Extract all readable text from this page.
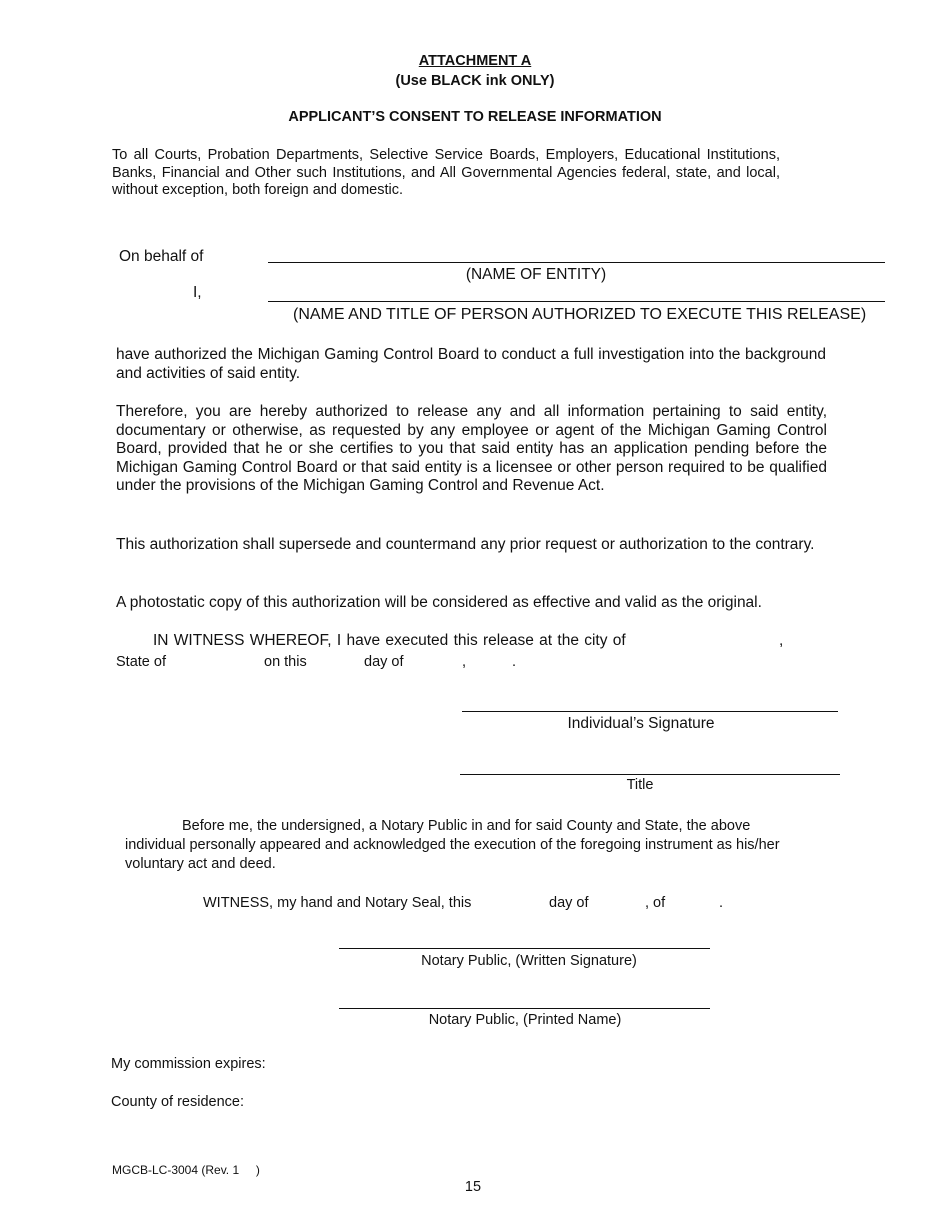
ATTACHMENT A
(Use BLACK ink ONLY)
APPLICANT’S CONSENT TO RELEASE INFORMATION
To all Courts, Probation Departments, Selective Service Boards, Employers, Educational Institutions, Banks, Financial and Other such Institutions, and All Governmental Agencies federal, state, and local, without exception, both foreign and domestic.
On behalf of
(NAME OF ENTITY)
I,
(NAME AND TITLE OF PERSON AUTHORIZED TO EXECUTE THIS RELEASE)
have authorized the Michigan Gaming Control Board to conduct a full investigation into the background and activities of said entity.
Therefore, you are hereby authorized to release any and all information pertaining to said entity, documentary or otherwise, as requested by any employee or agent of the Michigan Gaming Control Board, provided that he or she certifies to you that said entity has an application pending before the Michigan Gaming Control Board or that said entity is a licensee or other person required to be qualified under the provisions of the Michigan Gaming Control and Revenue Act.
This authorization shall supersede and countermand any prior request or authorization to the contrary.
A photostatic copy of this authorization will be considered as effective and valid as the original.
IN WITNESS WHEREOF, I have executed this release at the city of	,
State of	on this	day of	,	.
Individual’s Signature
Title
Before me, the undersigned, a Notary Public in and for said County and State, the above individual personally appeared and acknowledged the execution of the foregoing instrument as his/her voluntary act and deed.
WITNESS, my hand and Notary Seal, this	day of	, of	.
Notary Public, (Written Signature)
Notary Public, (Printed Name)
My commission expires:
County of residence:
MGCB-LC-3004 (Rev. 1     )
15
